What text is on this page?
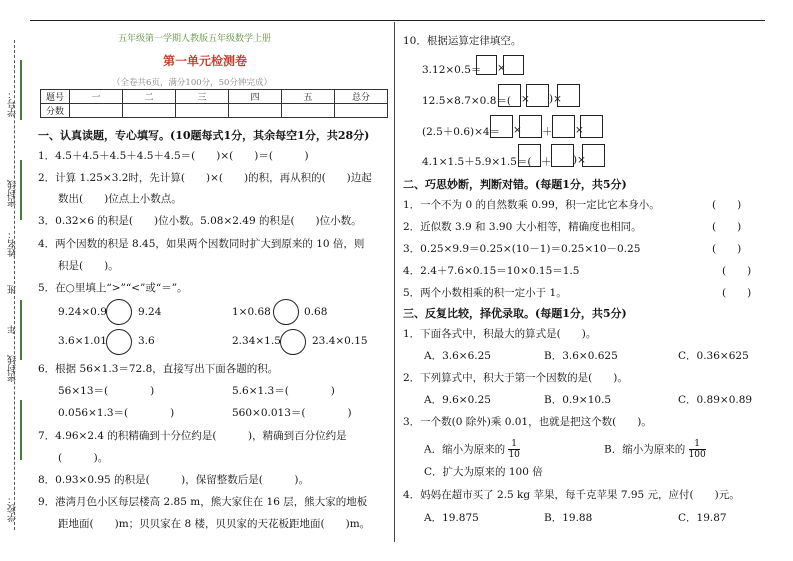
学号：
密封线
姓名：
班
年
密封线
学校：
五年级第一学期人教版五年级数学上册
第一单元检测卷
（全卷共6页，满分100分，50分钟完成）
题号	一	二	三	四	五	总分
分数						
一、认真读题，专心填写。(10题每式1分，其余每空1分，共28分)
1．4.5＋4.5＋4.5＋4.5＋4.5＝(　　)×(　　)＝(　　　)
2．计算 1.25×3.2时，先计算(　　)×(　　)的积，再从积的(　　)边起
数出(　　)位点上小数点。
3．0.32×6 的积是(　　)位小数。5.08×2.49 的积是(　　)位小数。
4．两个因数的积是 8.45，如果两个因数同时扩大到原来的 10 倍，则
积是(　　)。
5．在○里填上“>”“<”或“＝”。
9.24×0.9	9.24	1×0.68	0.68
3.6×1.01	3.6	2.34×1.5	23.4×0.15
6．根据 56×1.3＝72.8，直接写出下面各题的积。
56×13＝(　　　　)	5.6×1.3＝(　　　　)
0.056×1.3＝(　　　　)	560×0.013＝(　　　　)
7．4.96×2.4 的积精确到十分位约是(　　　)，精确到百分位约是
(　　　)。
8．0.93×0.95 的积是(　　　)，保留整数后是(　　　)。
9．港湾月色小区每层楼高 2.85 m，熊大家住在 16 层，熊大家的地板
距地面(　　)m；贝贝家在 8 楼，贝贝家的天花板距地面(　　)m。
10．根据运算定律填空。
3.12×0.5＝ ×
12.5×8.7×0.8＝( × )×
(2.5＋0.6)×4＝ × ＋ ×
4.1×1.5＋5.9×1.5＝( ＋ )×
二、巧思妙断，判断对错。(每题1分，共5分)
1．一个不为 0 的自然数乘 0.99，积一定比它本身小。	(　　)
2．近似数 3.9 和 3.90 大小相等，精确度也相同。	(　　)
3．0.25×9.9＝0.25×(10－1)＝0.25×10－0.25	(　　)
4．2.4＋7.6×0.15＝10×0.15＝1.5	(　　)
5．两个小数相乘的积一定小于 1。	(　　)
三、反复比较，择优录取。(每题1分，共5分)
1．下面各式中，积最大的算式是(　　)。
A．3.6×6.25	B．3.6×0.625	C．0.36×625
2．下列算式中，积大于第一个因数的是(　　)。
A．9.6×0.25	B．0.9×10.5	C．0.89×0.89
3．一个数(0 除外)乘 0.01，也就是把这个数(　　)。
A．缩小为原来的 $\frac{1}{10}$	B．缩小为原来的 $\frac{1}{100}$
C．扩大为原来的 100 倍
4．妈妈在超市买了 2.5 kg 苹果，每千克苹果 7.95 元，应付(　　)元。
A．19.875	B．19.88	C．19.87
